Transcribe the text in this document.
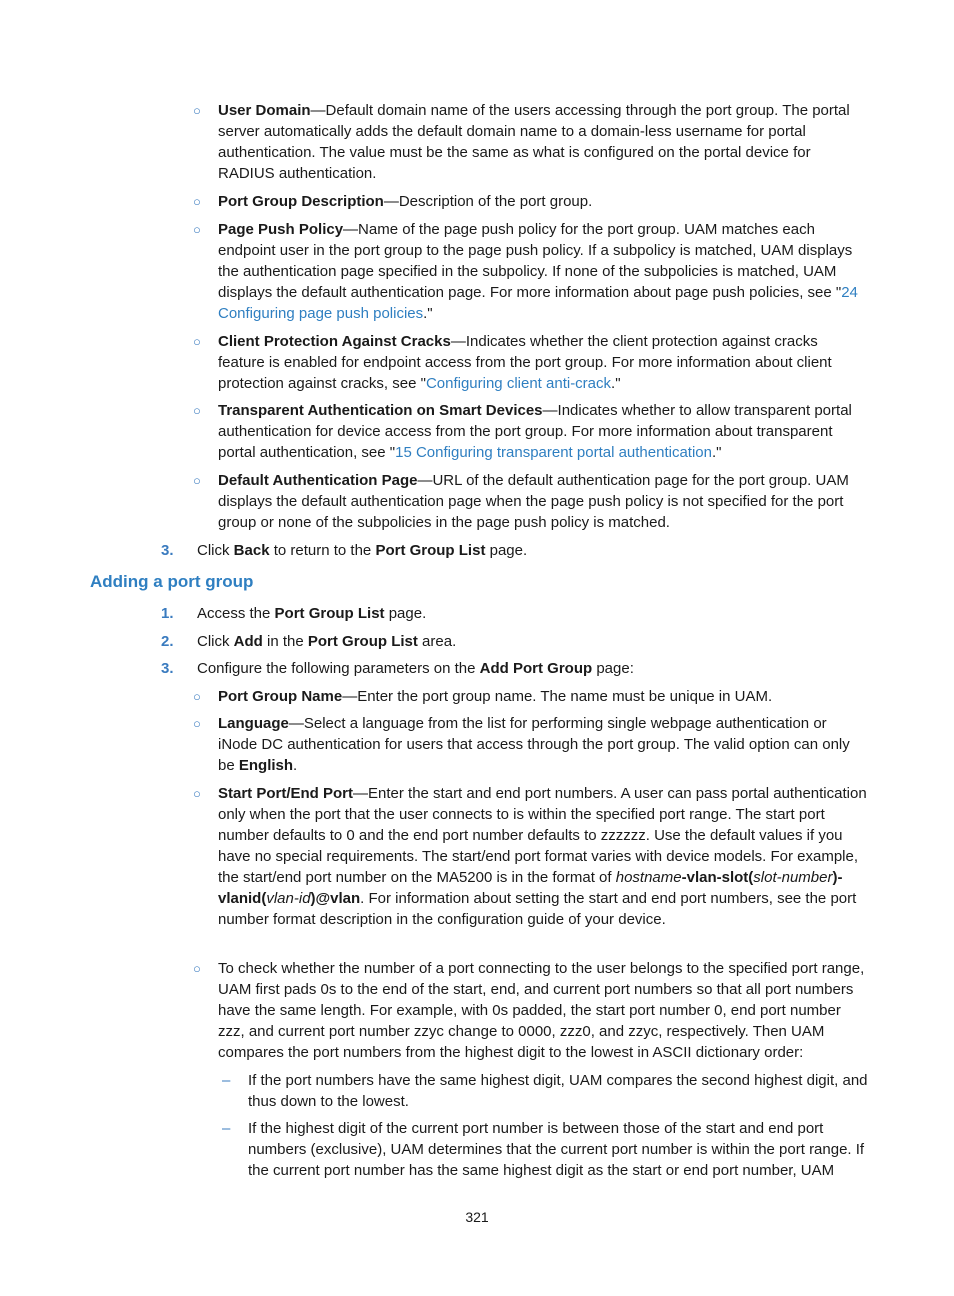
○	User Domain—Default domain name of the users accessing through the port group. The portal server automatically adds the default domain name to a domain-less username for portal authentication. The value must be the same as what is configured on the portal device for RADIUS authentication.
○	Port Group Description—Description of the port group.
○	Page Push Policy—Name of the page push policy for the port group. UAM matches each endpoint user in the port group to the page push policy. If a subpolicy is matched, UAM displays the authentication page specified in the subpolicy. If none of the subpolicies is matched, UAM displays the default authentication page. For more information about page push policies, see "24 Configuring page push policies."
○	Client Protection Against Cracks—Indicates whether the client protection against cracks feature is enabled for endpoint access from the port group. For more information about client protection against cracks, see "Configuring client anti-crack."
○	Transparent Authentication on Smart Devices—Indicates whether to allow transparent portal authentication for device access from the port group. For more information about transparent portal authentication, see "15 Configuring transparent portal authentication."
○	Default Authentication Page—URL of the default authentication page for the port group. UAM displays the default authentication page when the page push policy is not specified for the port group or none of the subpolicies in the page push policy is matched.
3.	Click Back to return to the Port Group List page.
Adding a port group
1.	Access the Port Group List page.
2.	Click Add in the Port Group List area.
3.	Configure the following parameters on the Add Port Group page:
○	Port Group Name—Enter the port group name. The name must be unique in UAM.
○	Language—Select a language from the list for performing single webpage authentication or iNode DC authentication for users that access through the port group. The valid option can only be English.
○	Start Port/End Port—Enter the start and end port numbers. A user can pass portal authentication only when the port that the user connects to is within the specified port range. The start port number defaults to 0 and the end port number defaults to zzzzzz. Use the default values if you have no special requirements. The start/end port format varies with device models. For example, the start/end port number on the MA5200 is in the format of hostname-vlan-slot(slot-number)-vlanid(vlan-id)@vlan. For information about setting the start and end port numbers, see the port number format description in the configuration guide of your device.
○	To check whether the number of a port connecting to the user belongs to the specified port range, UAM first pads 0s to the end of the start, end, and current port numbers so that all port numbers have the same length. For example, with 0s padded, the start port number 0, end port number zzz, and current port number zzyc change to 0000, zzz0, and zzyc, respectively. Then UAM compares the port numbers from the highest digit to the lowest in ASCII dictionary order:
–	If the port numbers have the same highest digit, UAM compares the second highest digit, and thus down to the lowest.
–	If the highest digit of the current port number is between those of the start and end port numbers (exclusive), UAM determines that the current port number is within the port range. If the current port number has the same highest digit as the start or end port number, UAM
321
